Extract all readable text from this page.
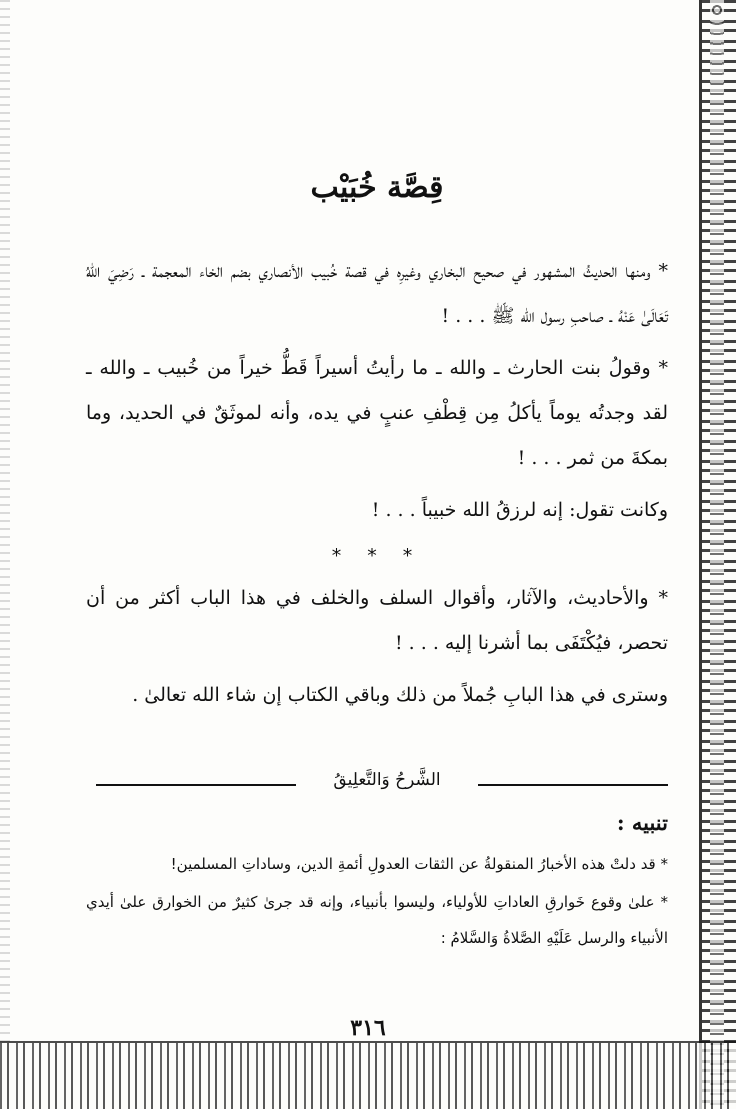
قِصَّة خُبَيْب

* ومنها الحديثُ المشهور في صحيح البخاري وغيرِه في قصة خُبيب الأنصاري بضم الخاء المعجمة ـ رَضِيَ اللهُ تَعَالَىٰ عَنْهُ ـ صاحبِ رسول الله ﷺ . . . !

* وقولُ بنت الحارث ـ والله ـ ما رأيتُ أسيراً قَطُّ خيراً من خُبيب ـ والله ـ لقد وجدتُه يوماً يأكلُ مِن قِطْفِ عنبٍ في يده، وأنه لموثَقٌ في الحديد، وما بمكةَ من ثمر . . . !

وكانت تقول: إنه لرزقُ الله خبيباً . . . !

* * *

* والأحاديث، والآثار، وأقوال السلف والخلف في هذا الباب أكثر من أن تحصر، فيُكْتَفَى بما أشرنا إليه . . . !

وسترى في هذا البابِ جُملاً من ذلك وباقي الكتاب إن شاء الله تعالىٰ .

الشَّرحُ وَالتَّعلِيقُ
تنبيه :

* قد دلتْ هذه الأخبارُ المنقولةُ عن الثقات العدولِ أئمةِ الدين، وساداتِ المسلمين!

* علىٰ وقوع خَوارقِ العاداتِ للأولياء، وليسوا بأنبياء، وإنه قد جرىٰ كثيرٌ من الخوارق علىٰ أيدي الأنبياء والرسل عَلَيْهِ الصَّلاةُ وَالسَّلامُ :

٣١٦
